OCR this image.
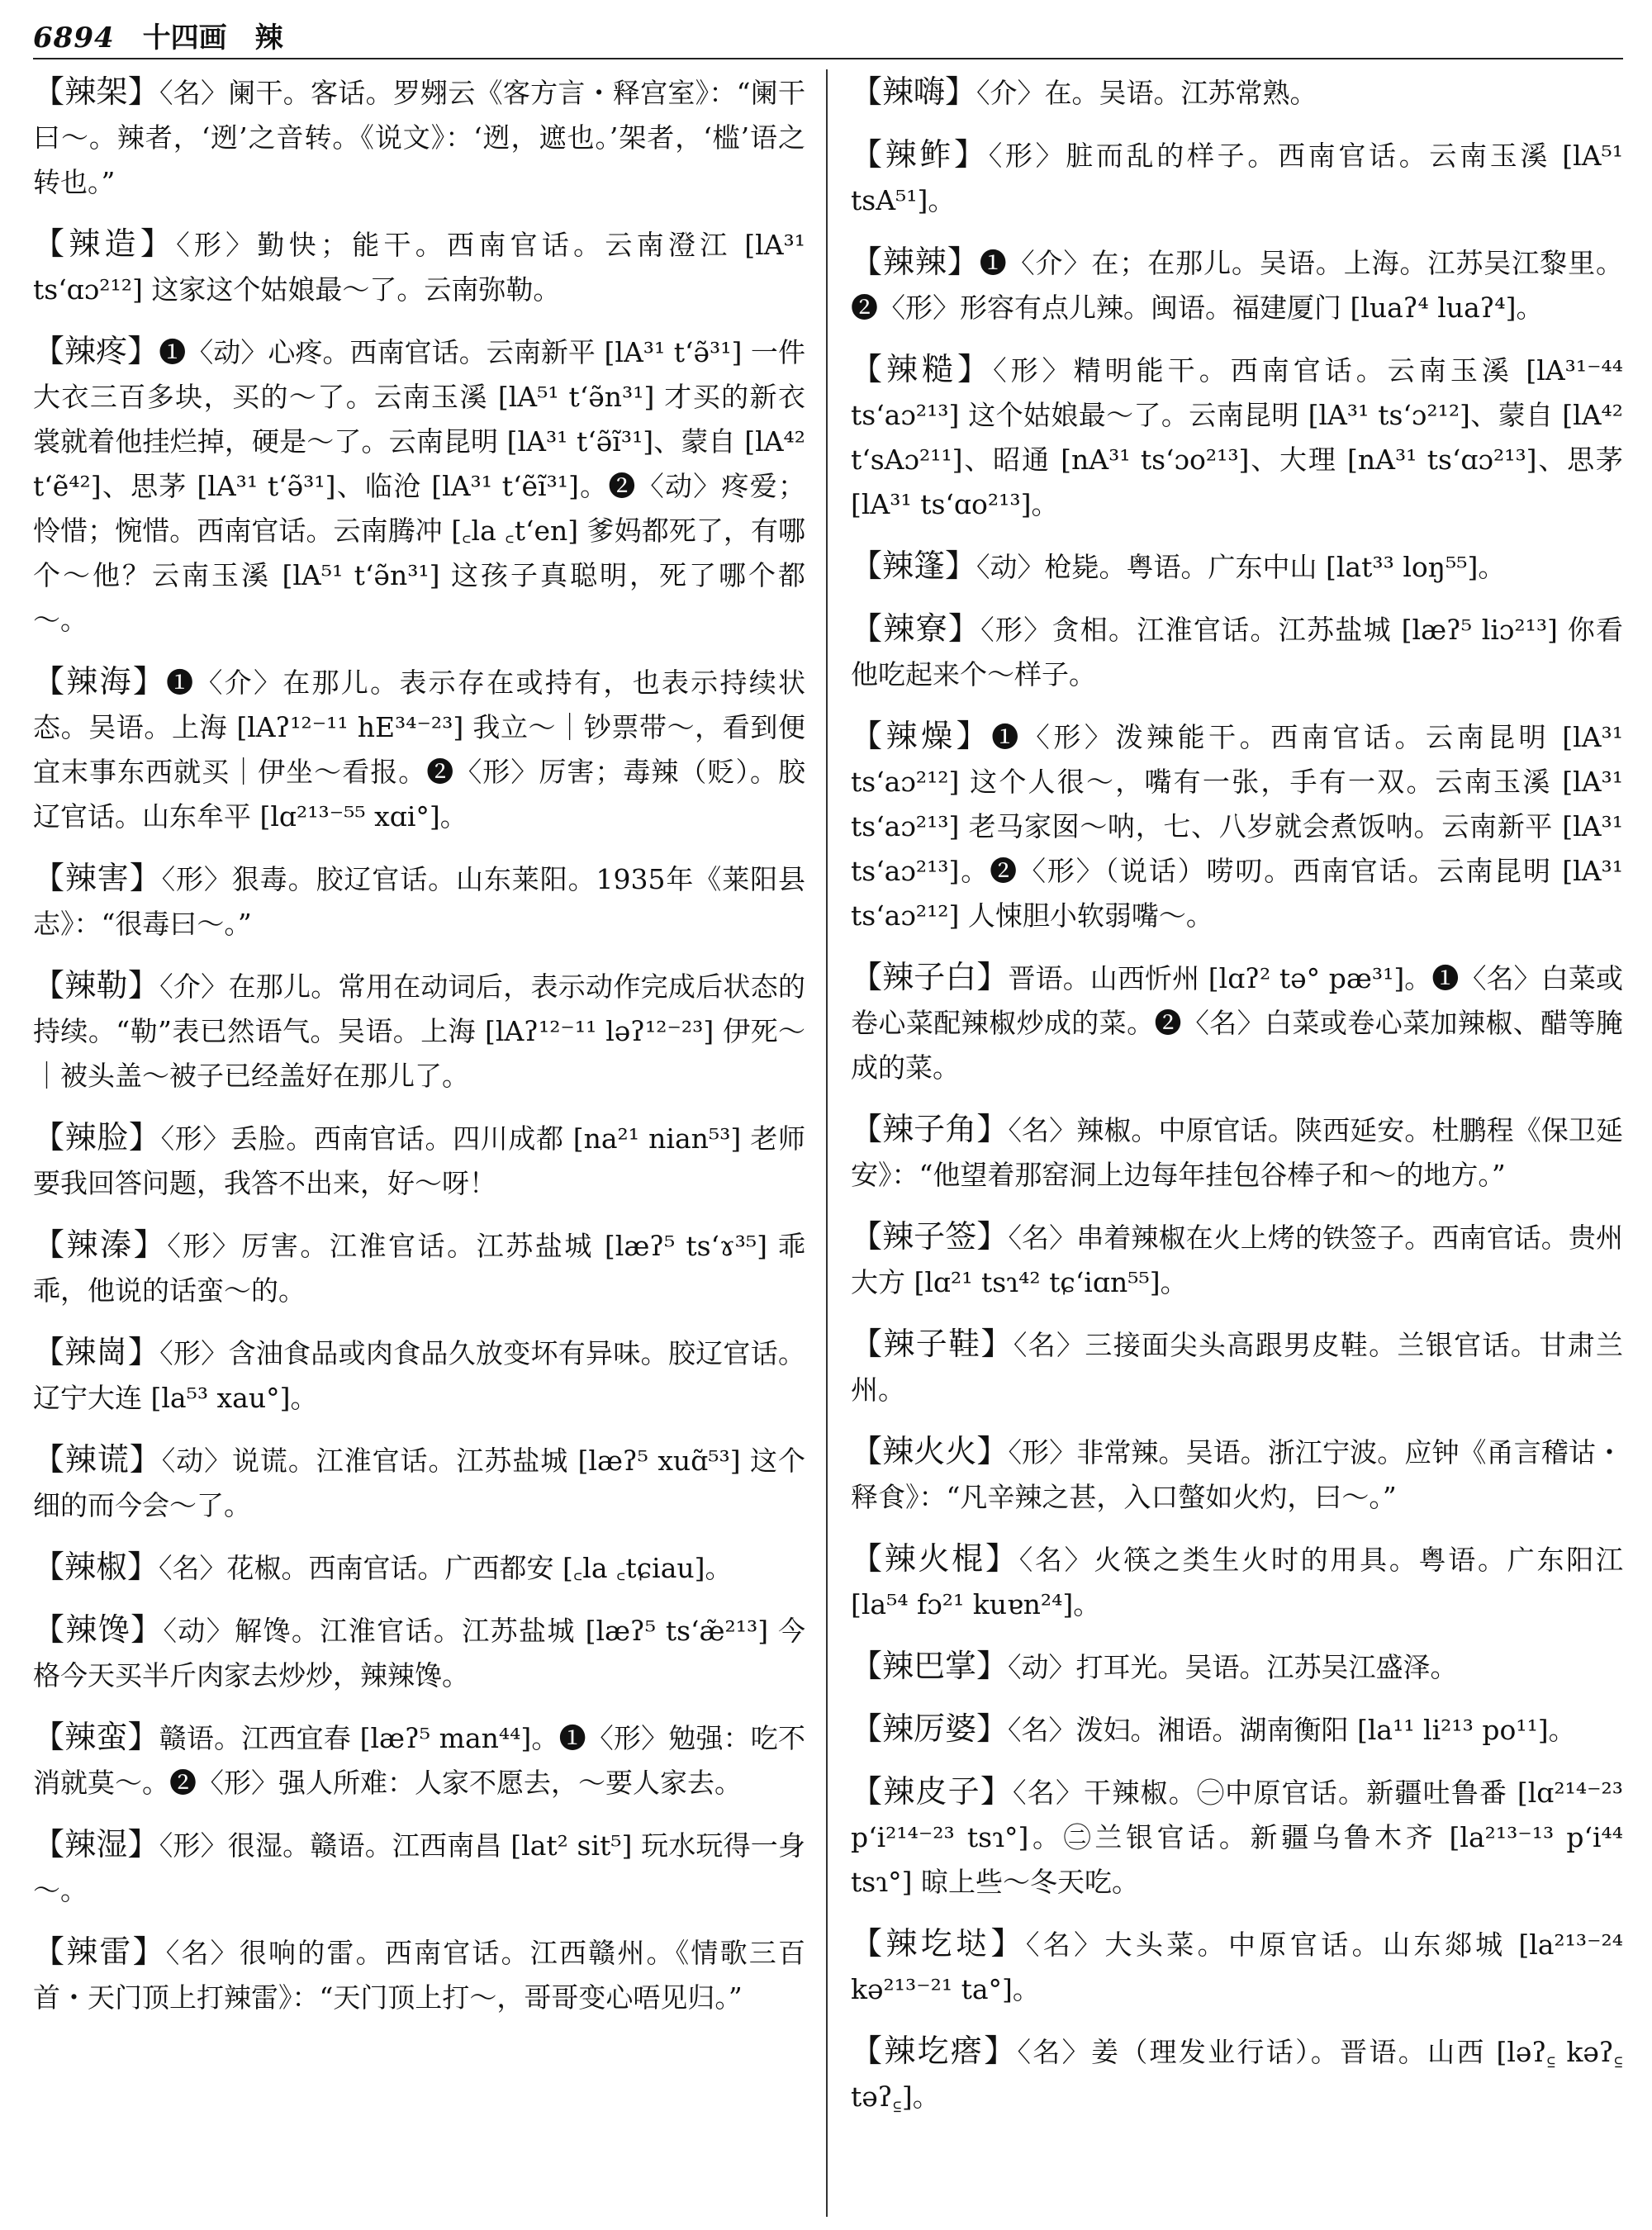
6894 十四画 辣

【辣架】〈名〉阑干。客话。罗翙云《客方言・释宫室》：“阑干曰～。辣者，‘迾’之音转。《说文》：‘迾，遮也。’架者，‘槛’语之转也。”

【辣造】〈形〉勤快；能干。西南官话。云南澄江 [lA³¹ ts‘ɑɔ²¹²] 这家这个姑娘最～了。云南弥勒。

【辣疼】❶〈动〉心疼。西南官话。云南新平 [lA³¹ t‘ə̃³¹] 一件大衣三百多块，买的～了。云南玉溪 [lA⁵¹ t‘ə̃n³¹] 才买的新衣裳就着他挂烂掉，硬是～了。云南昆明 [lA³¹ t‘ə̃ĩ³¹]、蒙自 [lA⁴² t‘ẽ⁴²]、思茅 [lA³¹ t‘ə̃³¹]、临沧 [lA³¹ t‘ẽĩ³¹]。❷〈动〉疼爱；怜惜；惋惜。西南官话。云南腾冲 [꜀la ꜀t‘en] 爹妈都死了，有哪个～他？云南玉溪 [lA⁵¹ t‘ə̃n³¹] 这孩子真聪明，死了哪个都～。

【辣海】❶〈介〉在那儿。表示存在或持有，也表示持续状态。吴语。上海 [lAʔ¹²⁻¹¹ hE³⁴⁻²³] 我立～｜钞票带～，看到便宜末事东西就买｜伊坐～看报。❷〈形〉厉害；毒辣（贬）。胶辽官话。山东牟平 [lɑ²¹³⁻⁵⁵ xɑi°]。

【辣害】〈形〉狠毒。胶辽官话。山东莱阳。1935年《莱阳县志》：“很毒曰～。”

【辣勒】〈介〉在那儿。常用在动词后，表示动作完成后状态的持续。“勒”表已然语气。吴语。上海 [lAʔ¹²⁻¹¹ ləʔ¹²⁻²³] 伊死～｜被头盖～被子已经盖好在那儿了。

【辣脸】〈形〉丢脸。西南官话。四川成都 [na²¹ nian⁵³] 老师要我回答问题，我答不出来，好～呀！

【辣溱】〈形〉厉害。江淮官话。江苏盐城 [læʔ⁵ ts‘ɤ³⁵] 乖乖，他说的话蛮～的。

【辣崗】〈形〉含油食品或肉食品久放变坏有异味。胶辽官话。辽宁大连 [la⁵³ xau°]。

【辣谎】〈动〉说谎。江淮官话。江苏盐城 [læʔ⁵ xuɑ̃⁵³] 这个细的而今会～了。

【辣椒】〈名〉花椒。西南官话。广西都安 [꜀la ꜀tɕiau]。

【辣馋】〈动〉解馋。江淮官话。江苏盐城 [læʔ⁵ ts‘æ̃²¹³] 今格今天买半斤肉家去炒炒，辣辣馋。

【辣蛮】赣语。江西宜春 [læʔ⁵ man⁴⁴]。❶〈形〉勉强：吃不消就莫～。❷〈形〉强人所难：人家不愿去，～要人家去。

【辣湿】〈形〉很湿。赣语。江西南昌 [lat² sit⁵] 玩水玩得一身～。

【辣雷】〈名〉很响的雷。西南官话。江西赣州。《情歌三百首・天门顶上打辣雷》：“天门顶上打～，哥哥变心唔见归。”

【辣嗨】〈介〉在。吴语。江苏常熟。

【辣鲊】〈形〉脏而乱的样子。西南官话。云南玉溪 [lA⁵¹ tsA⁵¹]。

【辣辣】❶〈介〉在；在那儿。吴语。上海。江苏吴江黎里。❷〈形〉形容有点儿辣。闽语。福建厦门 [luaʔ⁴ luaʔ⁴]。

【辣糙】〈形〉精明能干。西南官话。云南玉溪 [lA³¹⁻⁴⁴ ts‘aɔ²¹³] 这个姑娘最～了。云南昆明 [lA³¹ ts‘ɔ²¹²]、蒙自 [lA⁴² t‘sAɔ²¹¹]、昭通 [nA³¹ ts‘ɔo²¹³]、大理 [nA³¹ ts‘ɑɔ²¹³]、思茅 [lA³¹ ts‘ɑo²¹³]。

【辣篷】〈动〉枪毙。粤语。广东中山 [lat³³ loŋ⁵⁵]。

【辣寮】〈形〉贪相。江淮官话。江苏盐城 [læʔ⁵ liɔ²¹³] 你看他吃起来个～样子。

【辣燥】❶〈形〉泼辣能干。西南官话。云南昆明 [lA³¹ ts‘aɔ²¹²] 这个人很～，嘴有一张，手有一双。云南玉溪 [lA³¹ ts‘aɔ²¹³] 老马家囡～呐，七、八岁就会煮饭呐。云南新平 [lA³¹ ts‘aɔ²¹³]。❷〈形〉（说话）唠叨。西南官话。云南昆明 [lA³¹ ts‘aɔ²¹²] 人悚胆小软弱嘴～。

【辣子白】晋语。山西忻州 [lɑʔ² tə° pæ³¹]。❶〈名〉白菜或卷心菜配辣椒炒成的菜。❷〈名〉白菜或卷心菜加辣椒、醋等腌成的菜。

【辣子角】〈名〉辣椒。中原官话。陕西延安。杜鹏程《保卫延安》：“他望着那窑洞上边每年挂包谷棒子和～的地方。”

【辣子签】〈名〉串着辣椒在火上烤的铁签子。西南官话。贵州大方 [lɑ²¹ tsɿ⁴² tɕ‘iɑn⁵⁵]。

【辣子鞋】〈名〉三接面尖头高跟男皮鞋。兰银官话。甘肃兰州。

【辣火火】〈形〉非常辣。吴语。浙江宁波。应钟《甬言稽诂・释食》：“凡辛辣之甚，入口螫如火灼，曰～。”

【辣火棍】〈名〉火筷之类生火时的用具。粤语。广东阳江 [la⁵⁴ fɔ²¹ kuɐn²⁴]。

【辣巴掌】〈动〉打耳光。吴语。江苏吴江盛泽。

【辣厉婆】〈名〉泼妇。湘语。湖南衡阳 [la¹¹ li²¹³ po¹¹]。

【辣皮子】〈名〉干辣椒。㊀中原官话。新疆吐鲁番 [lɑ²¹⁴⁻²³ p‘i²¹⁴⁻²³ tsɿ°]。㊁兰银官话。新疆乌鲁木齐 [la²¹³⁻¹³ p‘i⁴⁴ tsɿ°] 晾上些～冬天吃。

【辣圪垯】〈名〉大头菜。中原官话。山东郯城 [la²¹³⁻²⁴ kə²¹³⁻²¹ ta°]。

【辣圪瘩】〈名〉姜（理发业行话）。晋语。山西 [ləʔ꜁ kəʔ꜁ təʔ꜁]。
